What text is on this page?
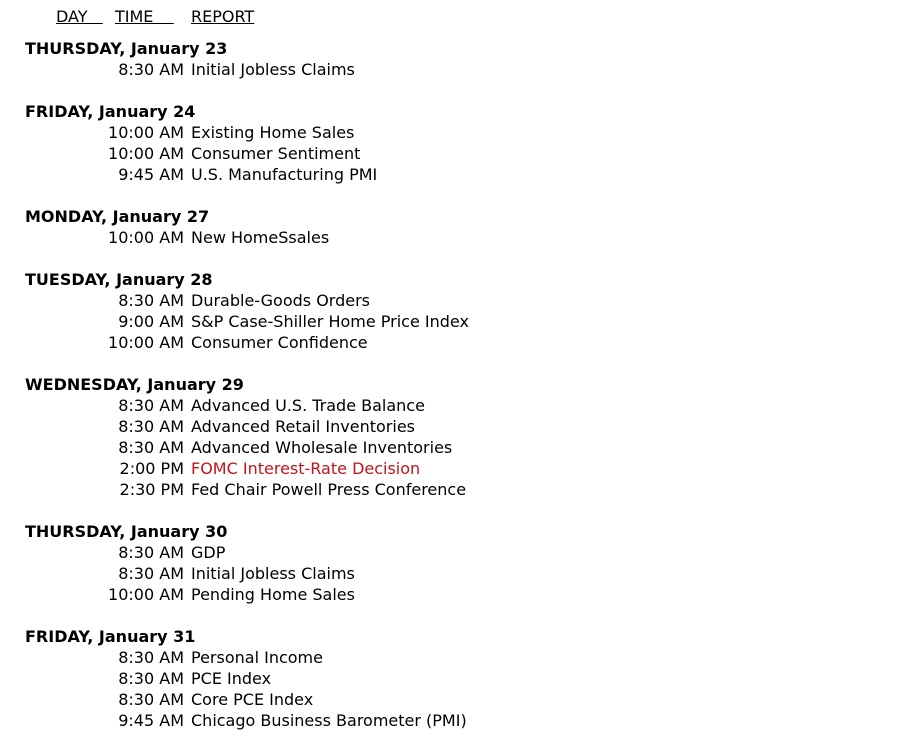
DAY TIME REPORT
THURSDAY, January 23
8:30 AM Initial Jobless Claims
FRIDAY, January 24
10:00 AM Existing Home Sales
10:00 AM Consumer Sentiment
9:45 AM U.S. Manufacturing PMI
MONDAY, January 27
10:00 AM New HomeSsales
TUESDAY, January 28
8:30 AM Durable-Goods Orders
9:00 AM S&P Case-Shiller Home Price Index
10:00 AM Consumer Confidence
WEDNESDAY, January 29
8:30 AM Advanced U.S. Trade Balance
8:30 AM Advanced Retail Inventories
8:30 AM Advanced Wholesale Inventories
2:00 PM FOMC Interest-Rate Decision
2:30 PM Fed Chair Powell Press Conference
THURSDAY, January 30
8:30 AM GDP
8:30 AM Initial Jobless Claims
10:00 AM Pending Home Sales
FRIDAY, January 31
8:30 AM Personal Income
8:30 AM PCE Index
8:30 AM Core PCE Index
9:45 AM Chicago Business Barometer (PMI)
